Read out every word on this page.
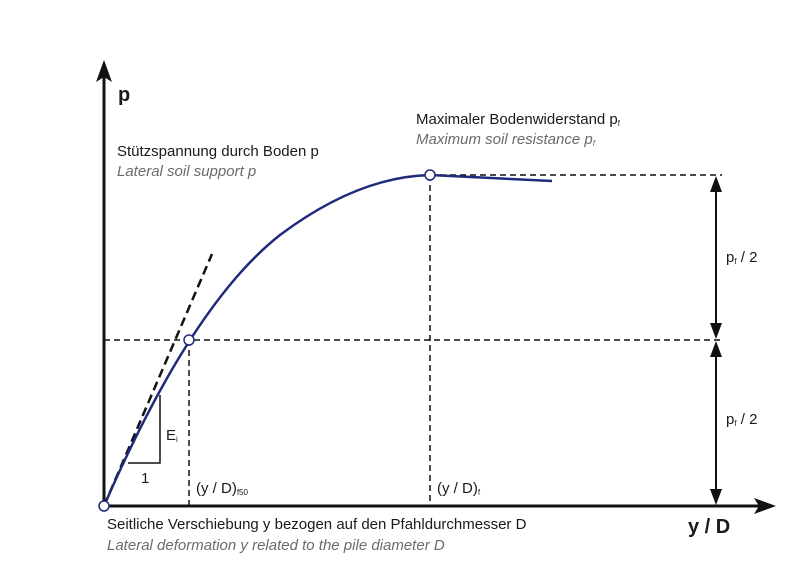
p
y / D
Stützspannung durch Boden p
Lateral soil support p
Maximaler Bodenwiderstand $p_f$
Maximum soil resistance $p_f$
$p_f / 2$
$p_f / 2$
$E_i$
1
$(y / D)_{f50}$	$(y / D)_f$
Seitliche Verschiebung y bezogen auf den Pfahldurchmesser D
Lateral deformation y related to the pile diameter D
